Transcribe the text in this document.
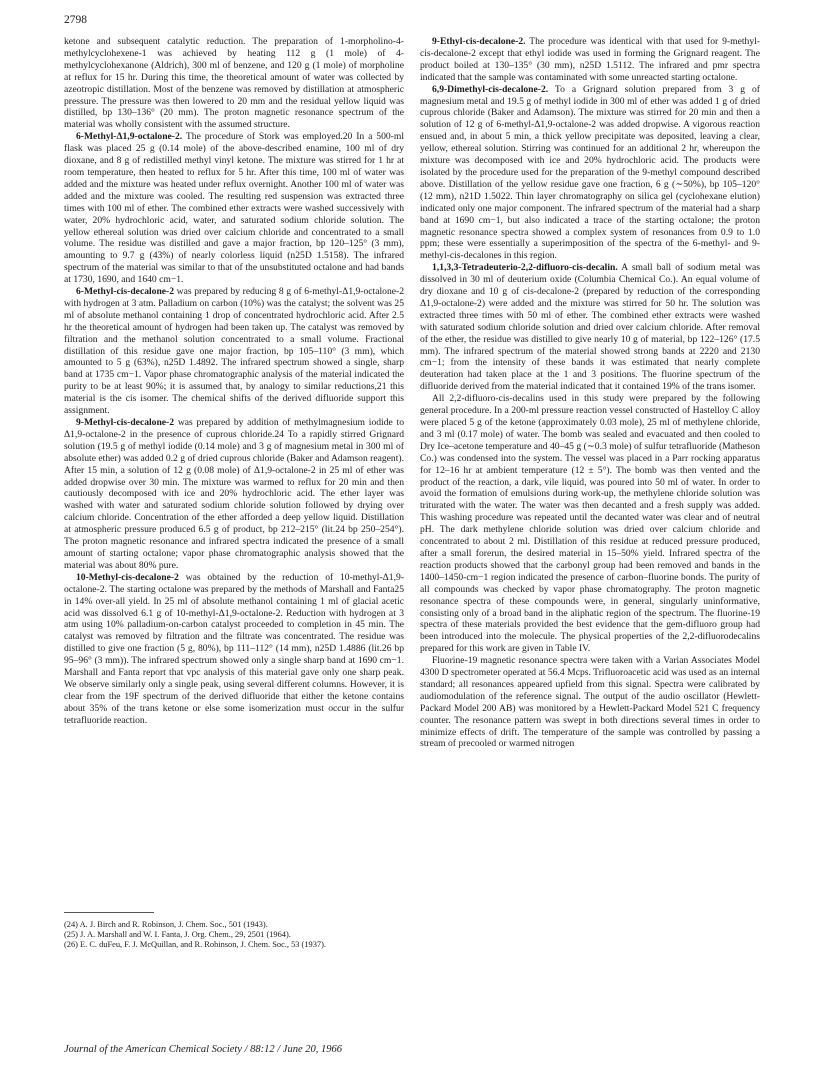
2798

ketone and subsequent catalytic reduction. The preparation of 1-morpholino-4-methylcyclohexene-1 was achieved by heating 112 g (1 mole) of 4-methylcyclohexanone (Aldrich), 300 ml of benzene, and 120 g (1 mole) of morpholine at reflux for 15 hr. During this time, the theoretical amount of water was collected by azeotropic distillation. Most of the benzene was removed by distillation at atmospheric pressure. The pressure was then lowered to 20 mm and the residual yellow liquid was distilled, bp 130–136° (20 mm). The proton magnetic resonance spectrum of the material was wholly consistent with the assumed structure.

6-Methyl-Δ1,9-octalone-2. The procedure of Stork was employed.20 In a 500-ml flask was placed 25 g (0.14 mole) of the above-described enamine, 100 ml of dry dioxane, and 8 g of redistilled methyl vinyl ketone. The mixture was stirred for 1 hr at room temperature, then heated to reflux for 5 hr. After this time, 100 ml of water was added and the mixture was heated under reflux overnight. Another 100 ml of water was added and the mixture was cooled. The resulting red suspension was extracted three times with 100 ml of ether. The combined ether extracts were washed successively with water, 20% hydrochloric acid, water, and saturated sodium chloride solution. The yellow ethereal solution was dried over calcium chloride and concentrated to a small volume. The residue was distilled and gave a major fraction, bp 120–125° (3 mm), amounting to 9.7 g (43%) of nearly colorless liquid (n25D 1.5158). The infrared spectrum of the material was similar to that of the unsubstituted octalone and had bands at 1730, 1690, and 1640 cm−1.

6-Methyl-cis-decalone-2 was prepared by reducing 8 g of 6-methyl-Δ1,9-octalone-2 with hydrogen at 3 atm. Palladium on carbon (10%) was the catalyst; the solvent was 25 ml of absolute methanol containing 1 drop of concentrated hydrochloric acid. After 2.5 hr the theoretical amount of hydrogen had been taken up. The catalyst was removed by filtration and the methanol solution concentrated to a small volume. Fractional distillation of this residue gave one major fraction, bp 105–110° (3 mm), which amounted to 5 g (63%), n25D 1.4892. The infrared spectrum showed a single, sharp band at 1735 cm−1. Vapor phase chromatographic analysis of the material indicated the purity to be at least 90%; it is assumed that, by analogy to similar reductions,21 this material is the cis isomer. The chemical shifts of the derived difluoride support this assignment.

9-Methyl-cis-decalone-2 was prepared by addition of methylmagnesium iodide to Δ1,9-octalone-2 in the presence of cuprous chloride.24 To a rapidly stirred Grignard solution (19.5 g of methyl iodide (0.14 mole) and 3 g of magnesium metal in 300 ml of absolute ether) was added 0.2 g of dried cuprous chloride (Baker and Adamson reagent). After 15 min, a solution of 12 g (0.08 mole) of Δ1,9-octalone-2 in 25 ml of ether was added dropwise over 30 min. The mixture was warmed to reflux for 20 min and then cautiously decomposed with ice and 20% hydrochloric acid. The ether layer was washed with water and saturated sodium chloride solution followed by drying over calcium chloride. Concentration of the ether afforded a deep yellow liquid. Distillation at atmospheric pressure produced 6.5 g of product, bp 212–215° (lit.24 bp 250–254°). The proton magnetic resonance and infrared spectra indicated the presence of a small amount of starting octalone; vapor phase chromatographic analysis showed that the material was about 80% pure.

10-Methyl-cis-decalone-2 was obtained by the reduction of 10-methyl-Δ1,9-octalone-2. The starting octalone was prepared by the methods of Marshall and Fanta25 in 14% over-all yield. In 25 ml of absolute methanol containing 1 ml of glacial acetic acid was dissolved 6.1 g of 10-methyl-Δ1,9-octalone-2. Reduction with hydrogen at 3 atm using 10% palladium-on-carbon catalyst proceeded to completion in 45 min. The catalyst was removed by filtration and the filtrate was concentrated. The residue was distilled to give one fraction (5 g, 80%), bp 111–112° (14 mm), n25D 1.4886 (lit.26 bp 95–96° (3 mm)). The infrared spectrum showed only a single sharp band at 1690 cm−1. Marshall and Fanta report that vpc analysis of this material gave only one sharp peak. We observe similarly only a single peak, using several different columns. However, it is clear from the 19F spectrum of the derived difluoride that either the ketone contains about 35% of the trans ketone or else some isomerization must occur in the sulfur tetrafluoride reaction.

9-Ethyl-cis-decalone-2. The procedure was identical with that used for 9-methyl-cis-decalone-2 except that ethyl iodide was used in forming the Grignard reagent. The product boiled at 130–135° (30 mm), n25D 1.5112. The infrared and pmr spectra indicated that the sample was contaminated with some unreacted starting octalone.

6,9-Dimethyl-cis-decalone-2. To a Grignard solution prepared from 3 g of magnesium metal and 19.5 g of methyl iodide in 300 ml of ether was added 1 g of dried cuprous chloride (Baker and Adamson). The mixture was stirred for 20 min and then a solution of 12 g of 6-methyl-Δ1,9-octalone-2 was added dropwise. A vigorous reaction ensued and, in about 5 min, a thick yellow precipitate was deposited, leaving a clear, yellow, ethereal solution. Stirring was continued for an additional 2 hr, whereupon the mixture was decomposed with ice and 20% hydrochloric acid. The products were isolated by the procedure used for the preparation of the 9-methyl compound described above. Distillation of the yellow residue gave one fraction, 6 g (∼50%), bp 105–120° (12 mm), n21D 1.5022. Thin layer chromatography on silica gel (cyclohexane elution) indicated only one major component. The infrared spectrum of the material had a sharp band at 1690 cm−1, but also indicated a trace of the starting octalone; the proton magnetic resonance spectra showed a complex system of resonances from 0.9 to 1.0 ppm; these were essentially a superimposition of the spectra of the 6-methyl- and 9-methyl-cis-decalones in this region.

1,1,3,3-Tetradeuterio-2,2-difluoro-cis-decalin. A small ball of sodium metal was dissolved in 30 ml of deuterium oxide (Columbia Chemical Co.). An equal volume of dry dioxane and 10 g of cis-decalone-2 (prepared by reduction of the corresponding Δ1,9-octalone-2) were added and the mixture was stirred for 50 hr. The solution was extracted three times with 50 ml of ether. The combined ether extracts were washed with saturated sodium chloride solution and dried over calcium chloride. After removal of the ether, the residue was distilled to give nearly 10 g of material, bp 122–126° (17.5 mm). The infrared spectrum of the material showed strong bands at 2220 and 2130 cm−1; from the intensity of these bands it was estimated that nearly complete deuteration had taken place at the 1 and 3 positions. The fluorine spectrum of the difluoride derived from the material indicated that it contained 19% of the trans isomer.

All 2,2-difluoro-cis-decalins used in this study were prepared by the following general procedure. In a 200-ml pressure reaction vessel constructed of Hastelloy C alloy were placed 5 g of the ketone (approximately 0.03 mole), 25 ml of methylene chloride, and 3 ml (0.17 mole) of water. The bomb was sealed and evacuated and then cooled to Dry Ice–acetone temperature and 40–45 g (∼0.3 mole) of sulfur tetrafluoride (Matheson Co.) was condensed into the system. The vessel was placed in a Parr rocking apparatus for 12–16 hr at ambient temperature (12 ± 5°). The bomb was then vented and the product of the reaction, a dark, vile liquid, was poured into 50 ml of water. In order to avoid the formation of emulsions during work-up, the methylene chloride solution was triturated with the water. The water was then decanted and a fresh supply was added. This washing procedure was repeated until the decanted water was clear and of neutral pH. The dark methylene chloride solution was dried over calcium chloride and concentrated to about 2 ml. Distillation of this residue at reduced pressure produced, after a small forerun, the desired material in 15–50% yield. Infrared spectra of the reaction products showed that the carbonyl group had been removed and bands in the 1400–1450-cm−1 region indicated the presence of carbon–fluorine bonds. The purity of all compounds was checked by vapor phase chromatography. The proton magnetic resonance spectra of these compounds were, in general, singularly uninformative, consisting only of a broad band in the aliphatic region of the spectrum. The fluorine-19 spectra of these materials provided the best evidence that the gem-difluoro group had been introduced into the molecule. The physical properties of the 2,2-difluorodecalins prepared for this work are given in Table IV.

Fluorine-19 magnetic resonance spectra were taken with a Varian Associates Model 4300 D spectrometer operated at 56.4 Mcps. Trifluoroacetic acid was used as an internal standard; all resonances appeared upfield from this signal. Spectra were calibrated by audiomodulation of the reference signal. The output of the audio oscillator (Hewlett-Packard Model 200 AB) was monitored by a Hewlett-Packard Model 521 C frequency counter. The resonance pattern was swept in both directions several times in order to minimize effects of drift. The temperature of the sample was controlled by passing a stream of precooled or warmed nitrogen

(24) A. J. Birch and R. Robinson, J. Chem. Soc., 501 (1943).
(25) J. A. Marshall and W. I. Fanta, J. Org. Chem., 29, 2501 (1964).
(26) E. C. duFeu, F. J. McQuillan, and R. Robinson, J. Chem. Soc., 53 (1937).
Journal of the American Chemical Society / 88:12 / June 20, 1966
